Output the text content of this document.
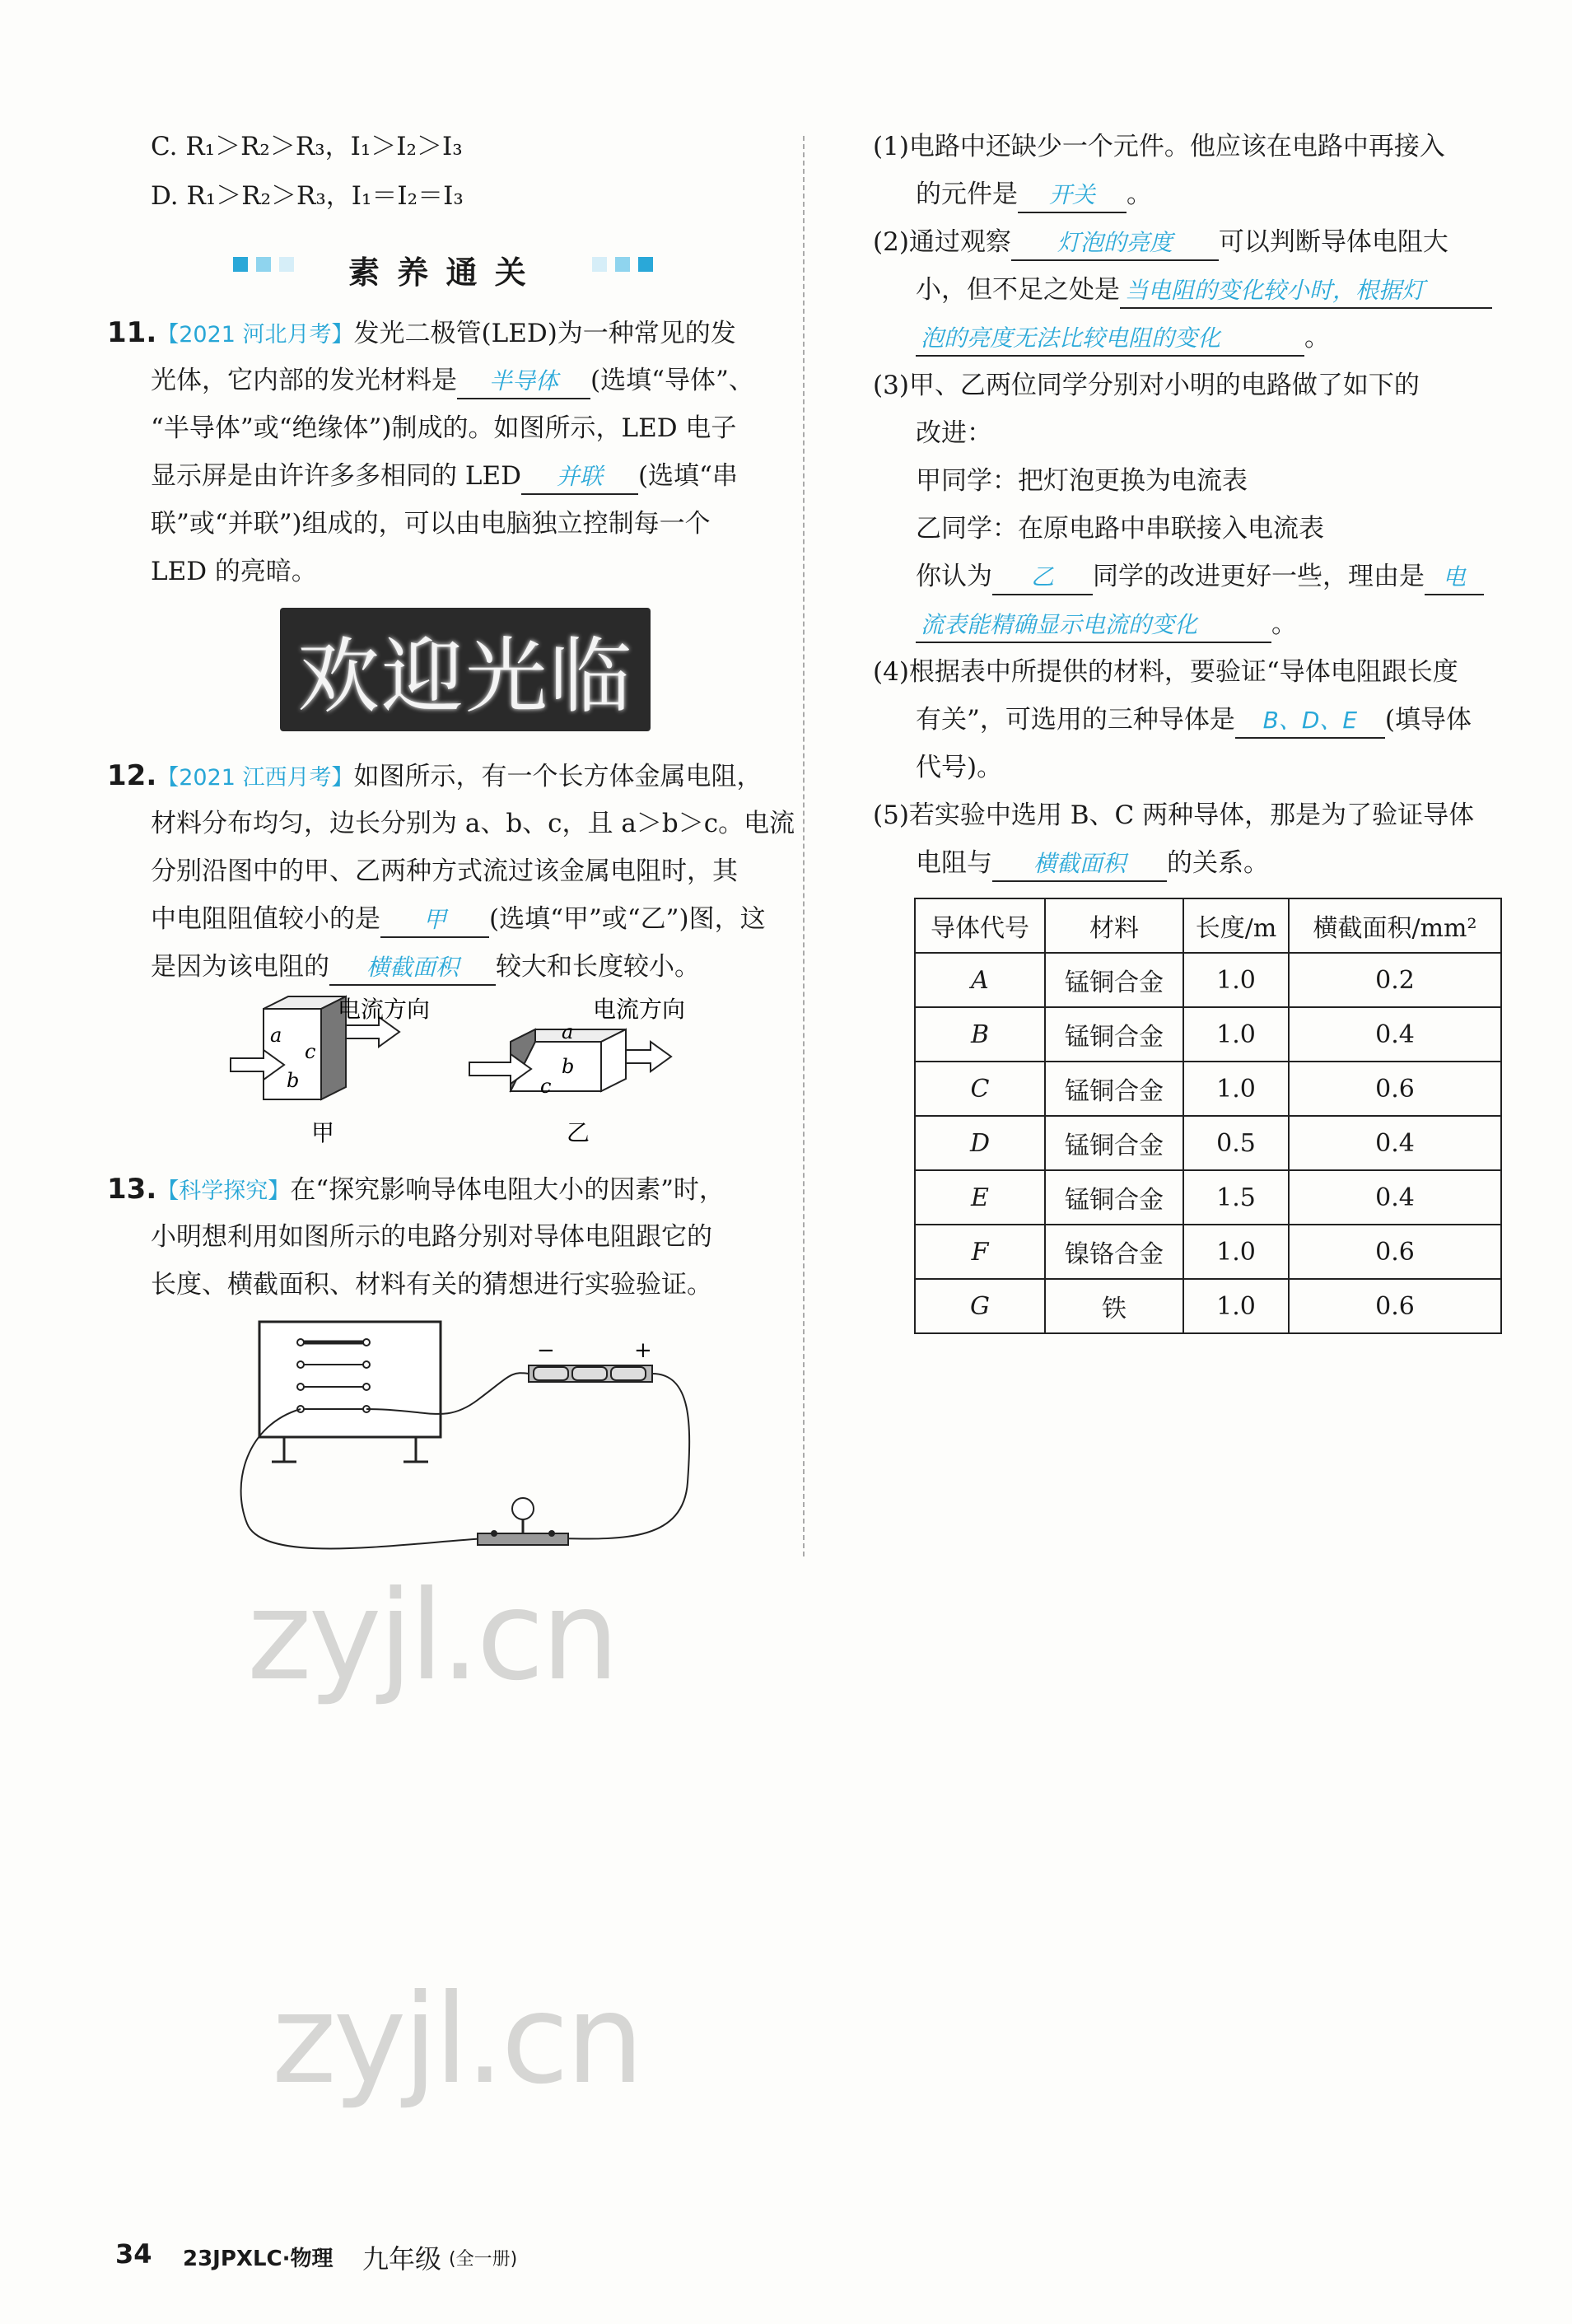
C. R₁＞R₂＞R₃，I₁＞I₂＞I₃
D. R₁＞R₂＞R₃，I₁＝I₂＝I₃
素 养 通 关
11.【2021 河北月考】发光二极管(LED)为一种常见的发
光体，它内部的发光材料是 半导体 (选填“导体”、
“半导体”或“绝缘体”)制成的。如图所示，LED 电子
显示屏是由许许多多相同的 LED 并联 (选填“串
联”或“并联”)组成的，可以由电脑独立控制每一个
LED 的亮暗。
欢迎光临
12.【2021 江西月考】如图所示，有一个长方体金属电阻，
材料分布均匀，边长分别为 a、b、c，且 a＞b＞c。电流
分别沿图中的甲、乙两种方式流过该金属电阻时，其
中电阻阻值较小的是 甲 (选填“甲”或“乙”)图，这
是因为该电阻的 横截面积 较大和长度较小。
a
b
c
电流方向
甲
a
b
c
电流方向
乙
13.【科学探究】在“探究影响导体电阻大小的因素”时，
小明想利用如图所示的电路分别对导体电阻跟它的
长度、横截面积、材料有关的猜想进行实验验证。
−	+
(1)电路中还缺少一个元件。他应该在电路中再接入
的元件是 开关 。
(2)通过观察 灯泡的亮度 可以判断导体电阻大
小，但不足之处是 当电阻的变化较小时，根据灯
泡的亮度无法比较电阻的变化	。
(3)甲、乙两位同学分别对小明的电路做了如下的
改进：
甲同学：把灯泡更换为电流表
乙同学：在原电路中串联接入电流表
你认为 乙 同学的改进更好一些，理由是 电
流表能精确显示电流的变化	。
(4)根据表中所提供的材料，要验证“导体电阻跟长度
有关”，可选用的三种导体是 B、D、E (填导体
代号)。
(5)若实验中选用 B、C 两种导体，那是为了验证导体
电阻与 横截面积 的关系。
导体代号	材料	长度/m	横截面积/mm²
A	锰铜合金	1.0	0.2
B	锰铜合金	1.0	0.4
C	锰铜合金	1.0	0.6
D	锰铜合金	0.5	0.4
E	锰铜合金	1.5	0.4
F	镍铬合金	1.0	0.6
G	铁	1.0	0.6
zyjl.cn
zyjl.cn
34 23JPXLC·物理 九年级 (全一册)
